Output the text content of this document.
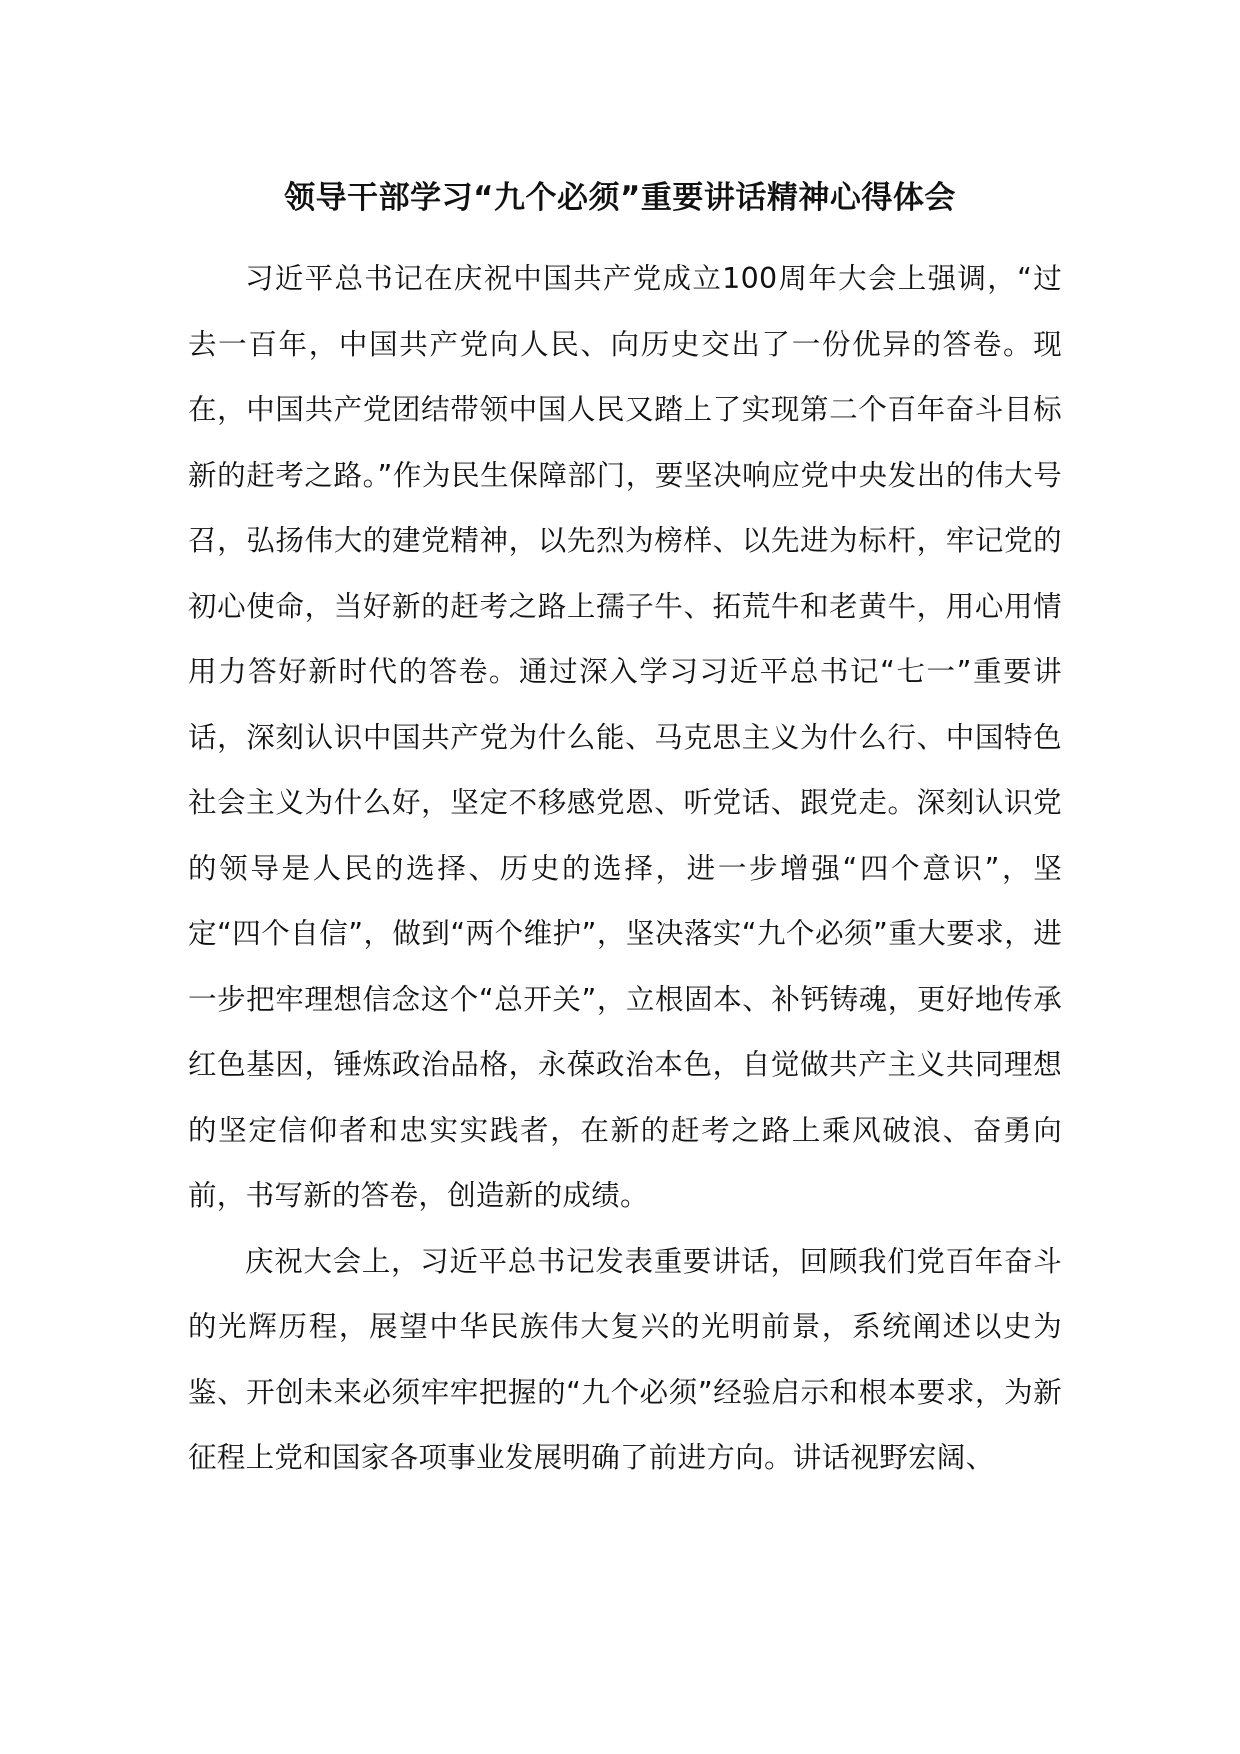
领导干部学习“九个必须”重要讲话精神心得体会

习近平总书记在庆祝中国共产党成立100周年大会上强调，“过去一百年，中国共产党向人民、向历史交出了一份优异的答卷。现在，中国共产党团结带领中国人民又踏上了实现第二个百年奋斗目标新的赶考之路。”作为民生保障部门，要坚决响应党中央发出的伟大号召，弘扬伟大的建党精神，以先烈为榜样、以先进为标杆，牢记党的初心使命，当好新的赶考之路上孺子牛、拓荒牛和老黄牛，用心用情用力答好新时代的答卷。通过深入学习习近平总书记“七一”重要讲话，深刻认识中国共产党为什么能、马克思主义为什么行、中国特色社会主义为什么好，坚定不移感党恩、听党话、跟党走。深刻认识党的领导是人民的选择、历史的选择，进一步增强“四个意识”，坚定“四个自信”，做到“两个维护”，坚决落实“九个必须”重大要求，进一步把牢理想信念这个“总开关”，立根固本、补钙铸魂，更好地传承红色基因，锤炼政治品格，永葆政治本色，自觉做共产主义共同理想的坚定信仰者和忠实实践者，在新的赶考之路上乘风破浪、奋勇向前，书写新的答卷，创造新的成绩。

庆祝大会上，习近平总书记发表重要讲话，回顾我们党百年奋斗的光辉历程，展望中华民族伟大复兴的光明前景，系统阐述以史为鉴、开创未来必须牢牢把握的“九个必须”经验启示和根本要求，为新征程上党和国家各项事业发展明确了前进方向。讲话视野宏阔、
